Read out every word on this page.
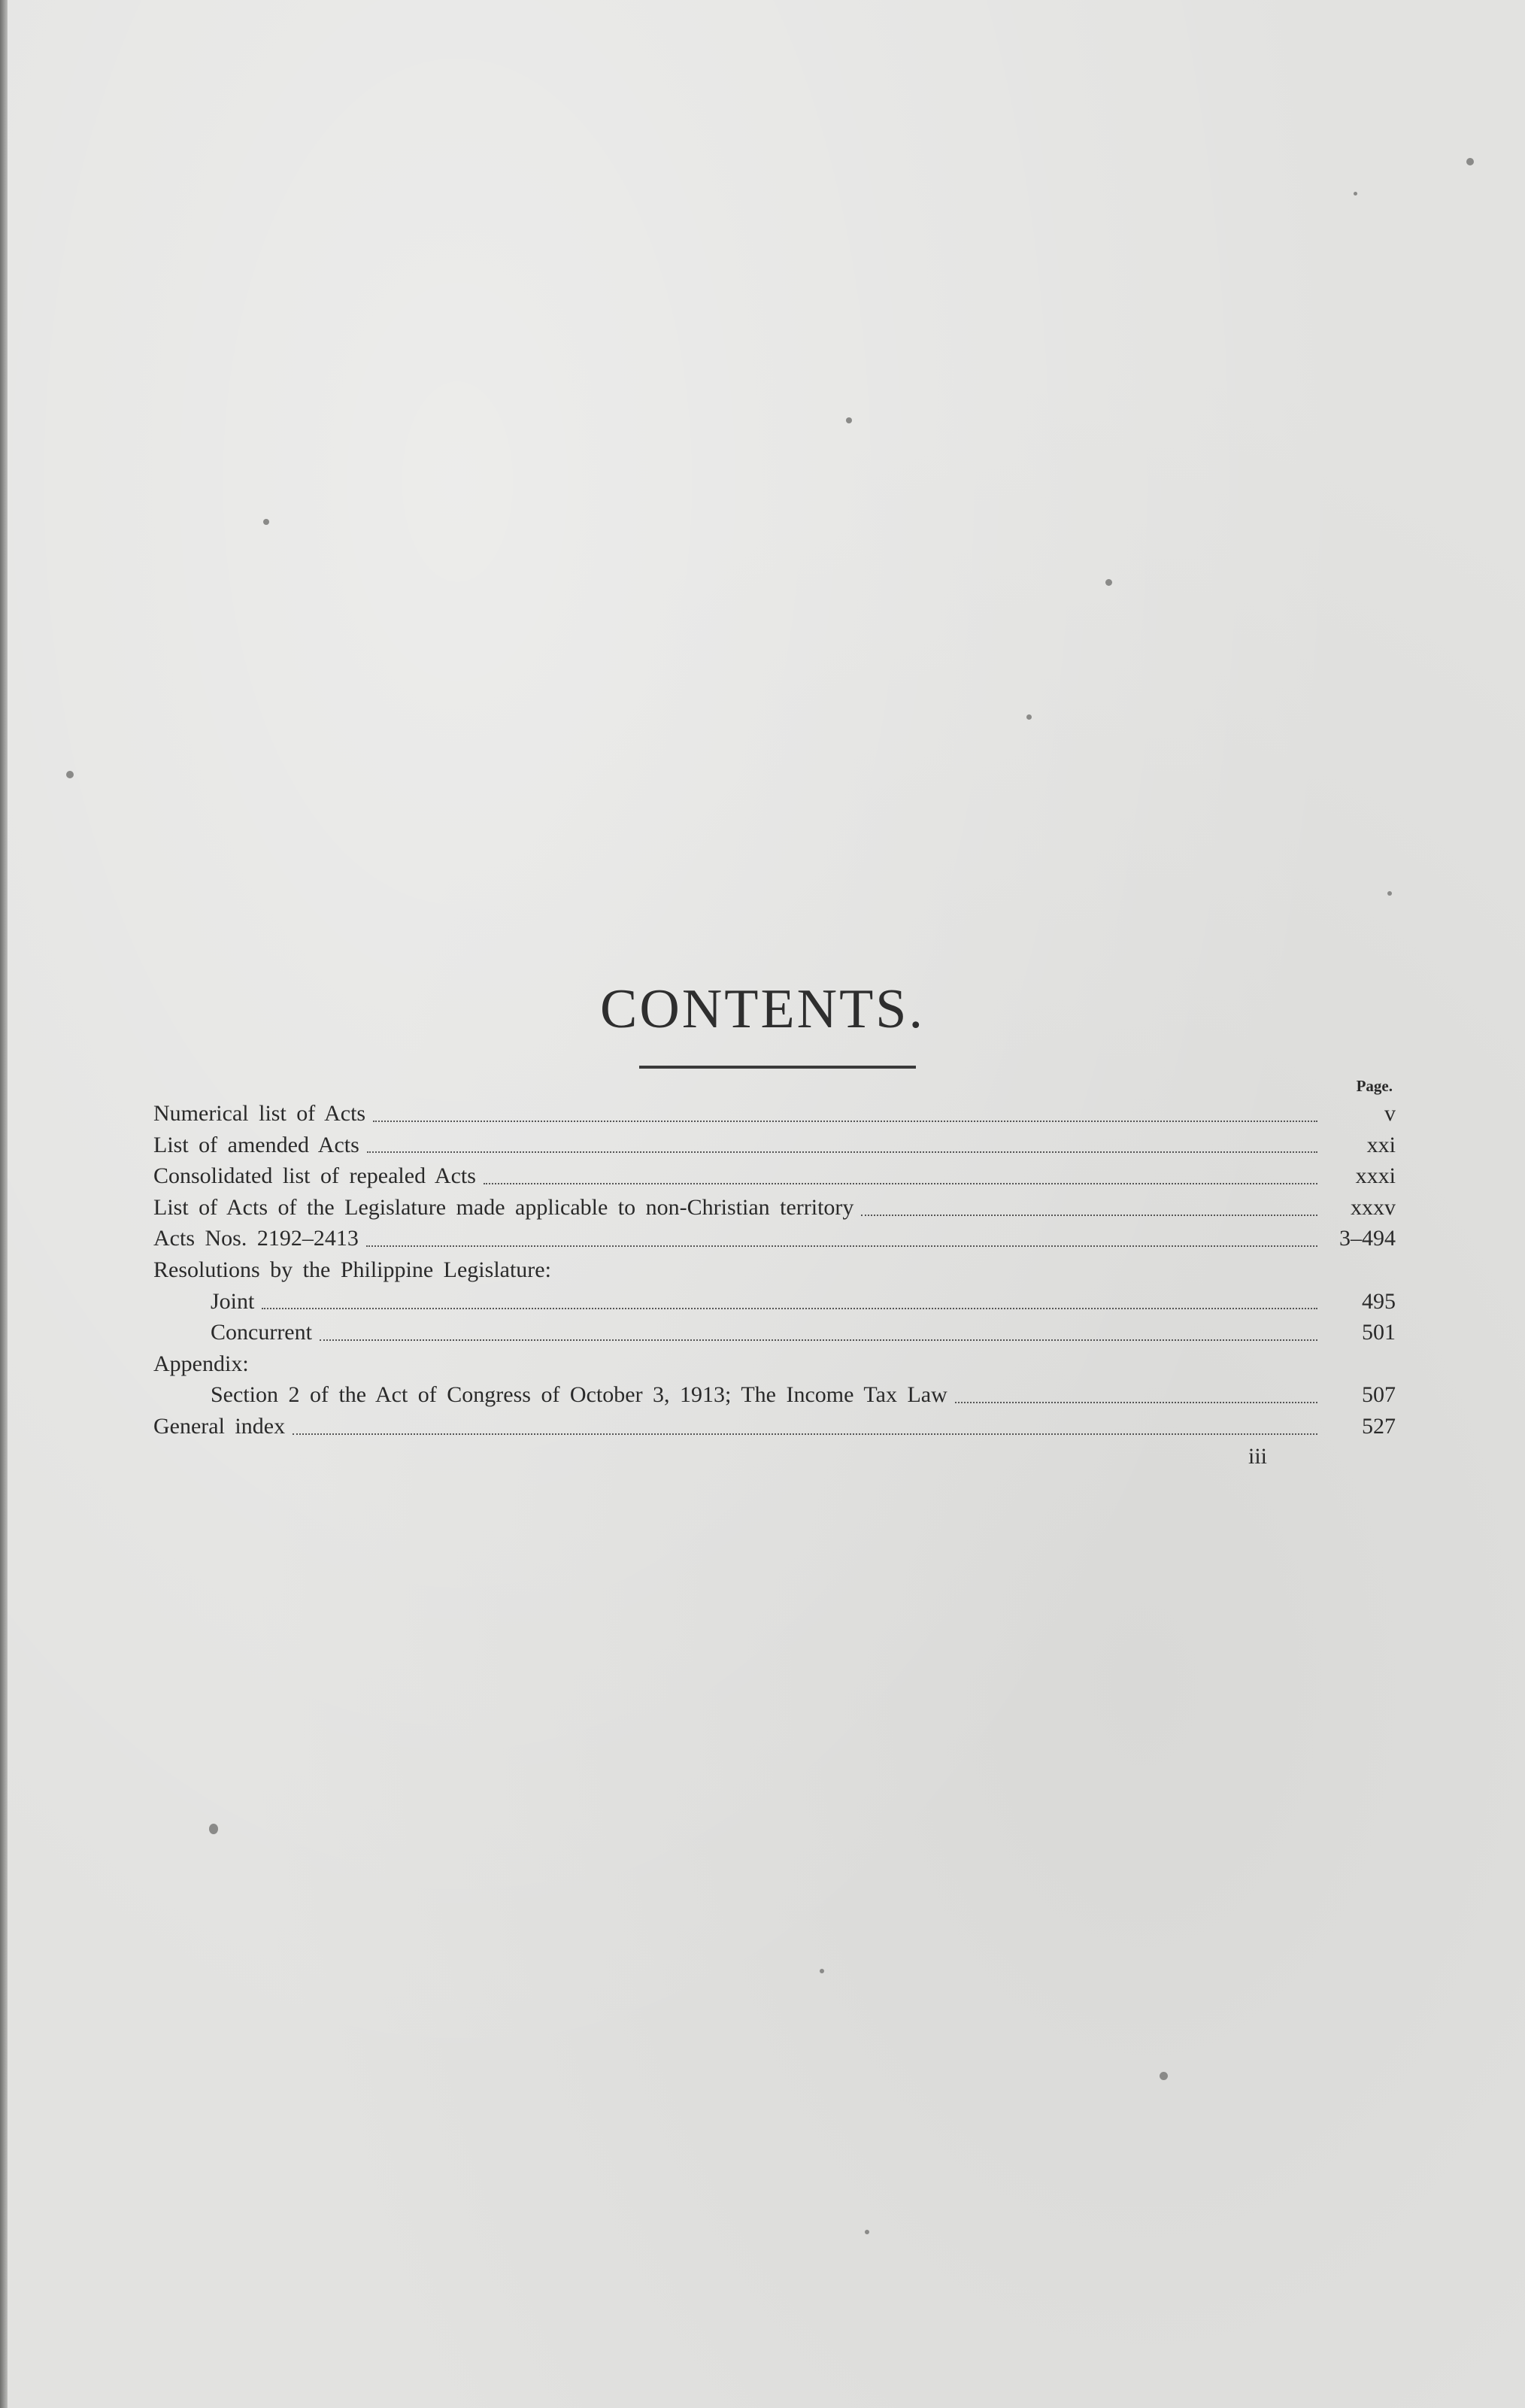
CONTENTS.
Page.
Numerical list of Acts	v
List of amended Acts	xxi
Consolidated list of repealed Acts	xxxi
List of Acts of the Legislature made applicable to non-Christian territory	xxxv
Acts Nos. 2192–2413	3–494
Resolutions by the Philippine Legislature:
Joint	495
Concurrent	501
Appendix:
Section 2 of the Act of Congress of October 3, 1913; The Income Tax Law	507
General index	527
iii
